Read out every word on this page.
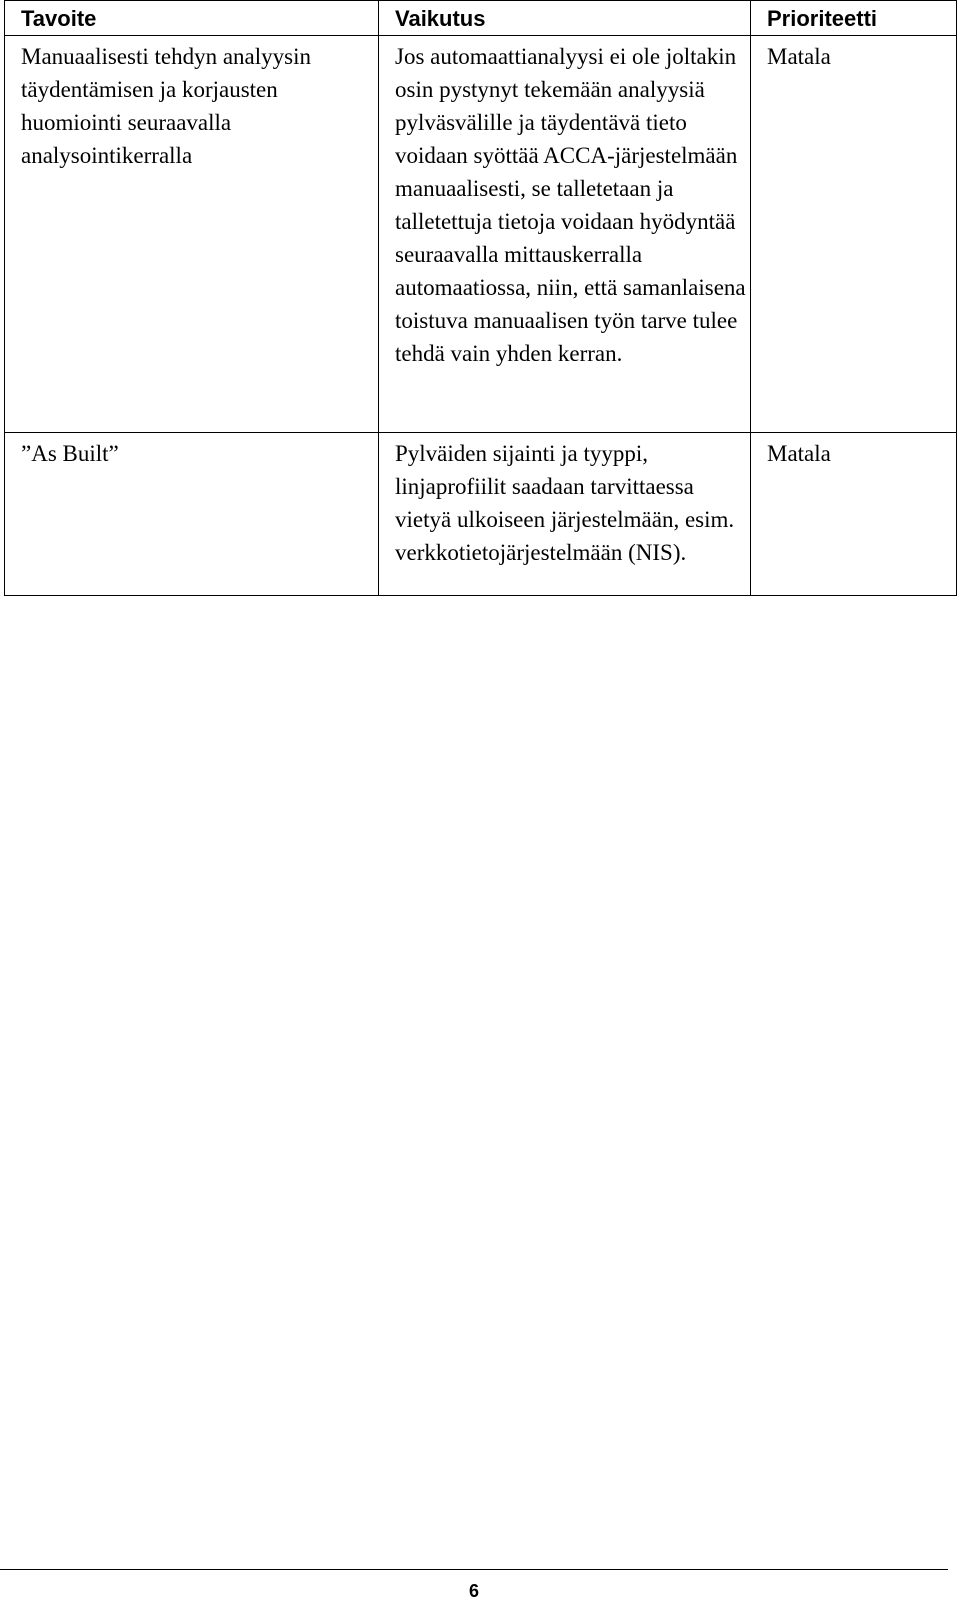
Tavoite	Vaikutus	Prioriteetti

Manuaalisesti tehdyn analyysin täydentämisen ja korjausten huomiointi seuraavalla analysointikerralla	Jos automaattianalyysi ei ole joltakin osin pystynyt tekemään analyysiä pylväsvälille ja täydentävä tieto voidaan syöttää ACCA-järjestelmään manuaalisesti, se talletetaan ja talletettuja tietoja voidaan hyödyntää seuraavalla mittauskerralla automaatiossa, niin, että samanlaisena toistuva manuaalisen työn tarve tulee tehdä vain yhden kerran.	Matala

”As Built”	Pylväiden sijainti ja tyyppi, linjaprofiilit saadaan tarvittaessa vietyä ulkoiseen järjestelmään, esim. verkkotietojärjestelmään (NIS).	Matala
6
